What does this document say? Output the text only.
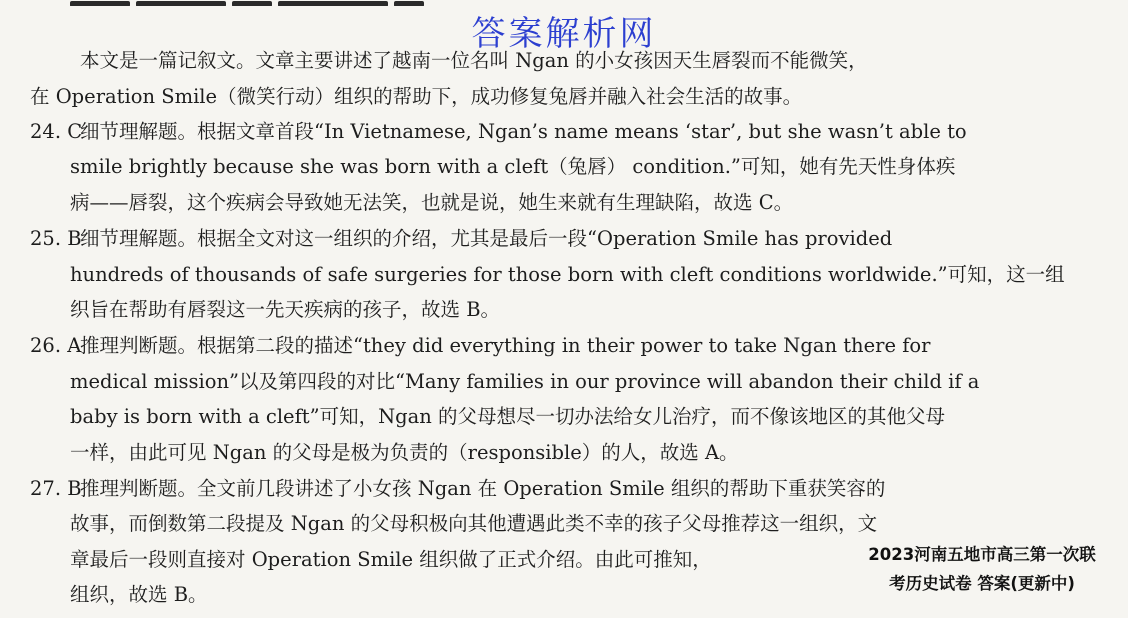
答案解析网
本文是一篇记叙文。文章主要讲述了越南一位名叫 Ngan 的小女孩因天生唇裂而不能微笑，
在 Operation Smile（微笑行动）组织的帮助下，成功修复兔唇并融入社会生活的故事。
24. C细节理解题。根据文章首段“In Vietnamese, Ngan’s name means ‘star’, but she wasn’t able to
smile brightly because she was born with a cleft（兔唇） condition.”可知，她有先天性身体疾
病——唇裂，这个疾病会导致她无法笑，也就是说，她生来就有生理缺陷，故选 C。
25. B细节理解题。根据全文对这一组织的介绍，尤其是最后一段“Operation Smile has provided
hundreds of thousands of safe surgeries for those born with cleft conditions worldwide.”可知，这一组
织旨在帮助有唇裂这一先天疾病的孩子，故选 B。
26. A推理判断题。根据第二段的描述“they did everything in their power to take Ngan there for
medical mission”以及第四段的对比“Many families in our province will abandon their child if a
baby is born with a cleft”可知，Ngan 的父母想尽一切办法给女儿治疗，而不像该地区的其他父母
一样，由此可见 Ngan 的父母是极为负责的（responsible）的人，故选 A。
27. B推理判断题。全文前几段讲述了小女孩 Ngan 在 Operation Smile 组织的帮助下重获笑容的
故事，而倒数第二段提及 Ngan 的父母积极向其他遭遇此类不幸的孩子父母推荐这一组织，文
章最后一段则直接对 Operation Smile 组织做了正式介绍。由此可推知，
组织，故选 B。
2023河南五地市高三第一次联
考历史试卷 答案(更新中)
